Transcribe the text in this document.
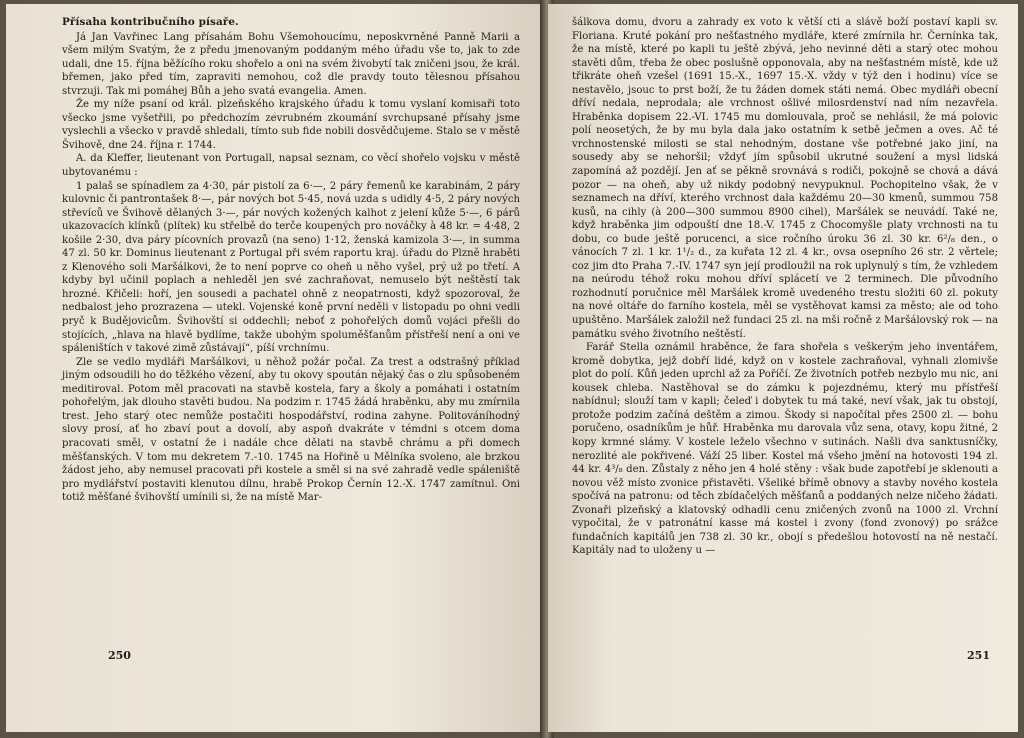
Přísaha kontribučního písaře.

Já Jan Vavřinec Lang přísahám Bohu Všemohoucímu, neposkvrněné Panně Marii a všem milým Svatým, že z předu jmenovaným poddaným mého úřadu vše to, jak to zde udali, dne 15. října běžícího roku shořelo a oni na svém živobytí tak zničeni jsou, že král. břemen, jako před tím, zapraviti nemohou, což dle pravdy touto tělesnou přísahou stvrzuji. Tak mi pomáhej Bůh a jeho svatá evangelia. Amen.

Že my níže psaní od král. plzeňského krajského úřadu k tomu vyslaní komisaři toto všecko jsme vyšetřili, po předchozím zevrubném zkoumání svrchupsané přísahy jsme vyslechli a všecko v pravdě shledali, tímto sub fide nobili dosvědčujeme. Stalo se v městě Švihově, dne 24. října r. 1744.

A. da Kleffer, lieutenant von Portugall, napsal seznam, co věcí shořelo vojsku v městě ubytovanému :

1 palaš se spínadlem za 4·30, pár pistolí za 6·—, 2 páry řemenů ke karabinám, 2 páry kulovnic či pantrontašek 8·—, pár nových bot 5·45, nová uzda s udidly 4·5, 2 páry nových střevíců ve Švihově dělaných 3·—, pár nových kožených kalhot z jelení kůže 5·—, 6 párů ukazovacích klínků (plítek) ku střelbě do terče koupených pro nováčky à 48 kr. = 4·48, 2 košile 2·30, dva páry pícovních provazů (na seno) 1·12, ženská kamizola 3·—, in summa 47 zl. 50 kr. Dominus lieutenant z Portugal při svém raportu kraj. úřadu do Plzně hraběti z Klenového soli Maršálkovi, že to není poprve co oheň u něho vyšel, prý už po třetí. A kdyby byl učinil poplach a nehleděl jen své zachraňovat, nemuselo být neštěstí tak hrozné. Křičeli: hoří, jen sousedi a pachatel ohně z neopatrnosti, když spozoroval, že nedbalost jeho prozrazena — utekl. Vojenské koně první neděli v listopadu po ohni vedli pryč k Budějovicům. Švihovští si oddechli; neboť z pohořelých domů vojáci přešli do stojících, „hlava na hlavě bydlíme, takže ubohým spoluměšťanům přístřeší není a oni ve spáleništích v takové zimě zůstávají“, píší vrchnímu.

Zle se vedlo mydláři Maršálkovi, u něhož požár počal. Za trest a odstrašný příklad jiným odsoudili ho do těžkého vězení, aby tu okovy spoután nějaký čas o zlu spůsobeném meditiroval. Potom měl pracovati na stavbě kostela, fary a školy a pomáhati i ostatním pohořelým, jak dlouho stavěti budou. Na podzim r. 1745 žádá hraběnku, aby mu zmírnila trest. Jeho starý otec nemůže postačiti hospodářství, rodina zahyne. Politováníhodný slovy prosí, ať ho zbaví pout a dovolí, aby aspoň dvakráte v témdni s otcem doma pracovati směl, v ostatní že i nadále chce dělati na stavbě chrámu a při domech měšťanských. V tom mu dekretem 7.-10. 1745 na Hořině u Mělníka svoleno, ale brzkou žádost jeho, aby nemusel pracovati při kostele a směl si na své zahradě vedle spáleniště pro mydlářství postaviti klenutou dílnu, hrabě Prokop Černín 12.-X. 1747 zamítnul. Oni totiž měšťané švihovští umínili si, že na místě Mar-

250

šálkova domu, dvoru a zahrady ex voto k větší cti a slávě boží postaví kapli sv. Floriana. Kruté pokání pro nešťastného mydláře, které zmírnila hr. Černínka tak, že na místě, které po kapli tu ještě zbývá, jeho nevinné děti a starý otec mohou stavěti dům, třeba že obec poslušně opponovala, aby na nešťastném místě, kde už třikráte oheň vzešel (1691 15.-X., 1697 15.-X. vždy v týž den i hodinu) více se nestavělo, jsouc to prst boží, že tu žáden domek státi nemá. Obec mydláři obecní dříví nedala, neprodala; ale vrchnost ošlivé milosrdenství nad ním nezavřela. Hraběnka dopisem 22.-VI. 1745 mu domlouvala, proč se nehlásil, že má polovic polí neosetých, že by mu byla dala jako ostatním k setbě ječmen a oves. Ač té vrchnostenské milosti se stal nehodným, dostane vše potřebné jako jiní, na sousedy aby se nehoršil; vždyť jím spůsobil ukrutné soužení a mysl lidská zapomíná až pozdějí. Jen ať se pěkně srovnává s rodiči, pokojně se chová a dává pozor — na oheň, aby už nikdy podobný nevypuknul. Pochopitelno však, že v seznamech na dříví, kterého vrchnost dala každému 20—30 kmenů, summou 758 kusů, na cihly (à 200—300 summou 8900 cihel), Maršálek se neuvádí. Také ne, když hraběnka jim odpouští dne 18.-V. 1745 z Chocomyšle platy vrchnosti na tu dobu, co bude ještě porucenci, a sice ročního úroku 36 zl. 30 kr. 6²/₈ den., o vánocích 7 zl. 1 kr. 1¹/₂ d., za kuřata 12 zl. 4 kr., ovsa osepního 26 str. 2 věrtele; coz jim dto Praha 7.-IV. 1747 syn její prodloužil na rok uplynulý s tím, že vzhledem na neúrodu téhož roku mohou dříví splácetí ve 2 terminech. Dle původního rozhodnutí poručnice měl Maršálek kromě uvedeného trestu složiti 60 zl. pokuty na nové oltáře do farního kostela, měl se vystěhovat kamsi za město; ale od toho upuštěno. Maršálek založil než fundaci 25 zl. na mši ročně z Maršálovský rok — na památku svého životního neštěstí.

Farář Stella oznámil hraběnce, že fara shořela s veškerým jeho inventářem, kromě dobytka, jejž dobří lidé, když on v kostele zachraňoval, vyhnali zlomivše plot do polí. Kůň jeden uprchl až za Poříčí. Ze životních potřeb nezbylo mu nic, ani kousek chleba. Nastěhoval se do zámku k pojezdnému, který mu přístřeší nabídnul; slouží tam v kapli; čeleď i dobytek tu má také, neví však, jak tu obstojí, protože podzim začíná deštěm a zimou. Škody si napočítal přes 2500 zl. — bohu poručeno, osadníkům je hůř. Hraběnka mu darovala vůz sena, otavy, kopu žitné, 2 kopy krmné slámy. V kostele leželo všechno v sutinách. Našli dva sanktusníčky, nerozlité ale pokřivené. Váží 25 liber. Kostel má všeho jmění na hotovosti 194 zl. 44 kr. 4³/₈ den. Zůstaly z něho jen 4 holé stěny : však bude zapotřebí je sklenouti a novou věž místo zvonice přistavěti. Všeliké břímě obnovy a stavby nového kostela spočívá na patronu: od těch zbídačelých měšťanů a poddaných nelze ničeho žádati. Zvonaři plzeňský a klatovský odhadli cenu zničených zvonů na 1000 zl. Vrchní vypočital, že v patronátní kasse má kostel i zvony (fond zvonový) po srážce fundačních kapitálů jen 738 zl. 30 kr., obojí s předešlou hotovostí na ně nestačí. Kapitály nad to uloženy u —

251
